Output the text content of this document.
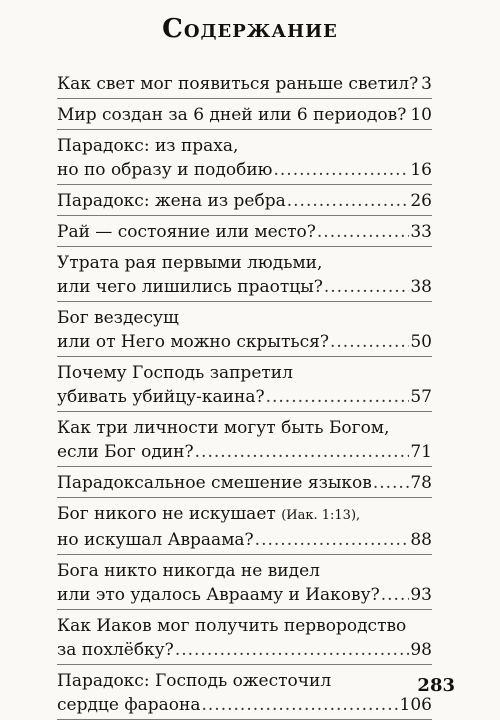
Содержание
Как свет мог появиться раньше светил? ..... 3
Мир создан за 6 дней или 6 периодов? ..... 10
Парадокс: из праха,
но по образу и подобию .....	16
Парадокс: жена из ребра .....	26
Рай — состояние или место? .....	33
Утрата рая первыми людьми,
или чего лишились праотцы? .....	38
Бог вездесущ
или от Него можно скрыться? .....	50
Почему Господь запретил
убивать убийцу-каина? .....	57
Как три личности могут быть Богом,
если Бог один? .....	71
Парадоксальное смешение языков ..... 78
Бог никого не искушает (Иак. 1:13),
но искушал Авраама? .....	88
Бога никто никогда не видел
или это удалось Аврааму и Иакову? ..... 93
Как Иаков мог получить первородство
за похлёбку? .....	98
Парадокс: Господь ожесточил
сердце фараона .....	106
283
